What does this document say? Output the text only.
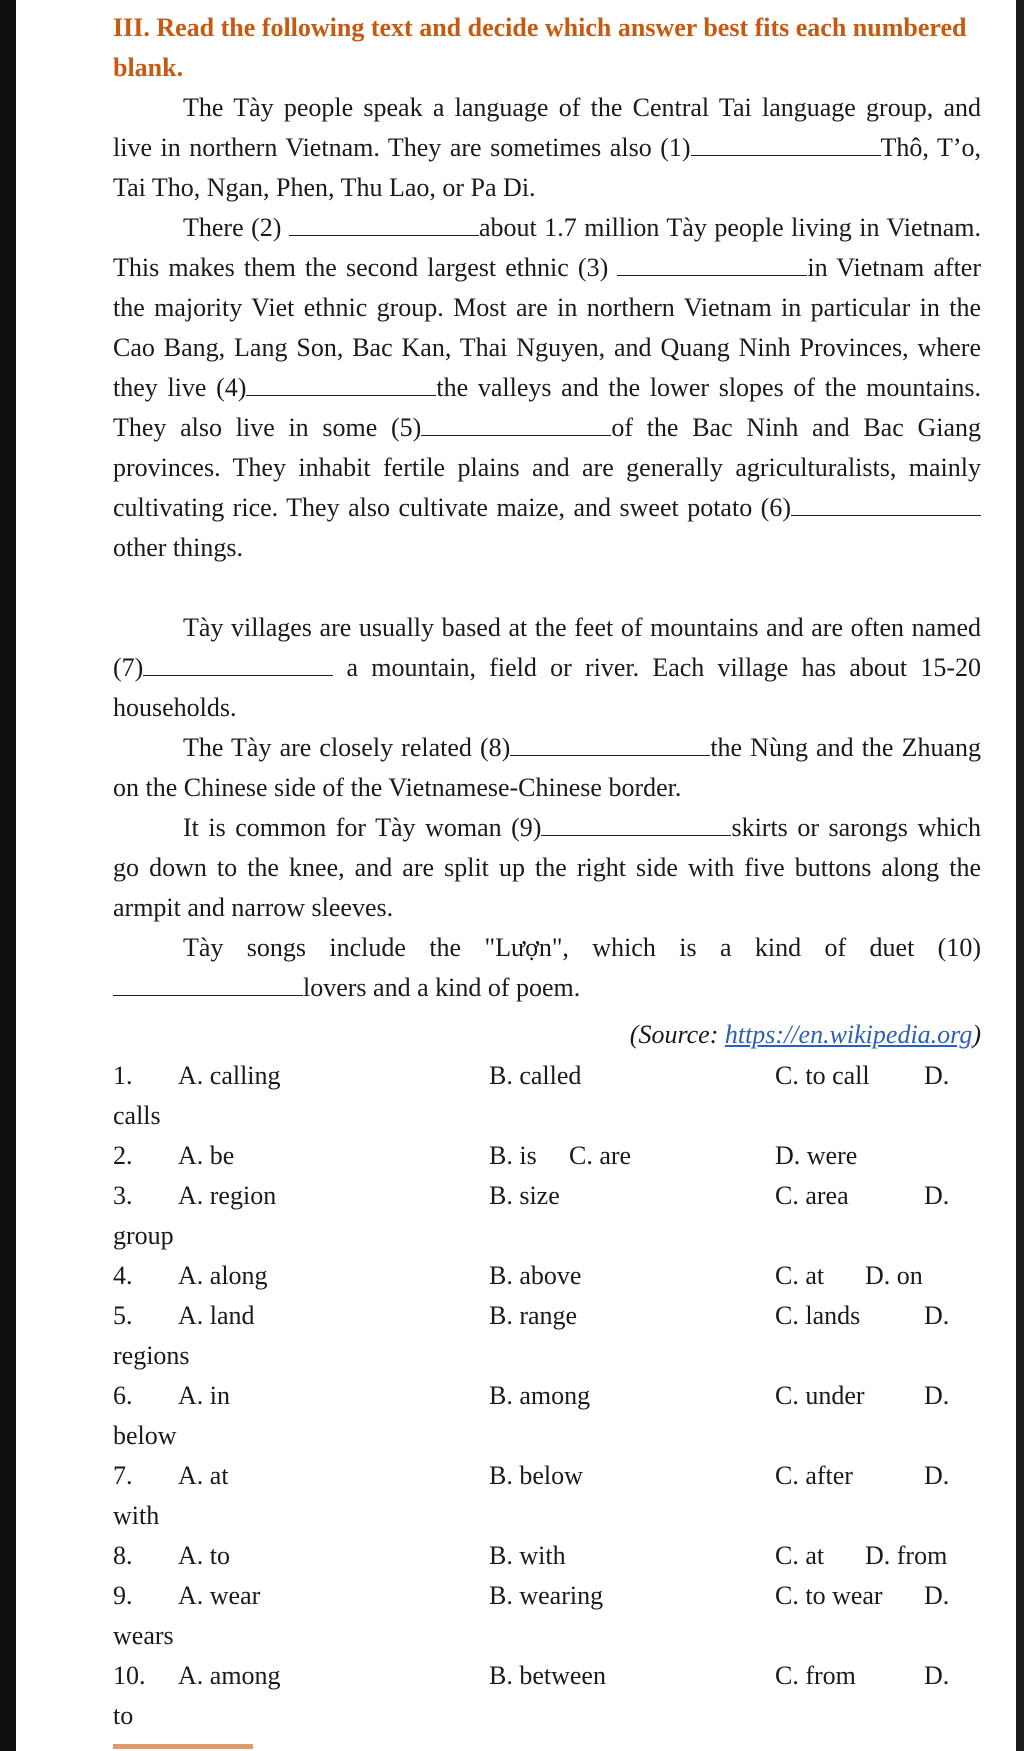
III. Read the following text and decide which answer best fits each numbered blank.

The Tày people speak a language of the Central Tai language group, and live in northern Vietnam. They are sometimes also (1)	Thô, T’o, Tai Tho, Ngan, Phen, Thu Lao, or Pa Di.

There (2)	about 1.7 million Tày people living in Vietnam. This makes them the second largest ethnic (3)	in Vietnam after the majority Viet ethnic group. Most are in northern Vietnam in particular in the Cao Bang, Lang Son, Bac Kan, Thai Nguyen, and Quang Ninh Provinces, where they live (4)	the valleys and the lower slopes of the mountains. They also live in some (5)	of the Bac Ninh and Bac Giang provinces. They inhabit fertile plains and are generally agriculturalists, mainly cultivating rice. They also cultivate maize, and sweet potato (6) other things.

Tày villages are usually based at the feet of mountains and are often named (7)	a mountain, field or river. Each village has about 15-20 households.

The Tày are closely related (8)	the Nùng and the Zhuang on the Chinese side of the Vietnamese-Chinese border.

It is common for Tày woman (9)	skirts or sarongs which go down to the knee, and are split up the right side with five buttons along the armpit and narrow sleeves.

Tày songs include the "Lượn", which is a kind of duet (10) lovers and a kind of poem.

(Source: https://en.wikipedia.org)
1. A. calling	B. called	C. to call D.
calls
2. A. be	B. is C. are	D. were
3. A. region	B. size	C. area	D.
group
4. A. along	B. above	C. at D. on
5. A. land	B. range	C. lands D.
regions
6. A. in	B. among	C. under D.
below
7. A. at	B. below	C. after	D.
with
8. A. to	B. with	C. at D. from
9. A. wear	B. wearing	C. to wear D.
wears
10. A. among	B. between	C. from	D.
to
